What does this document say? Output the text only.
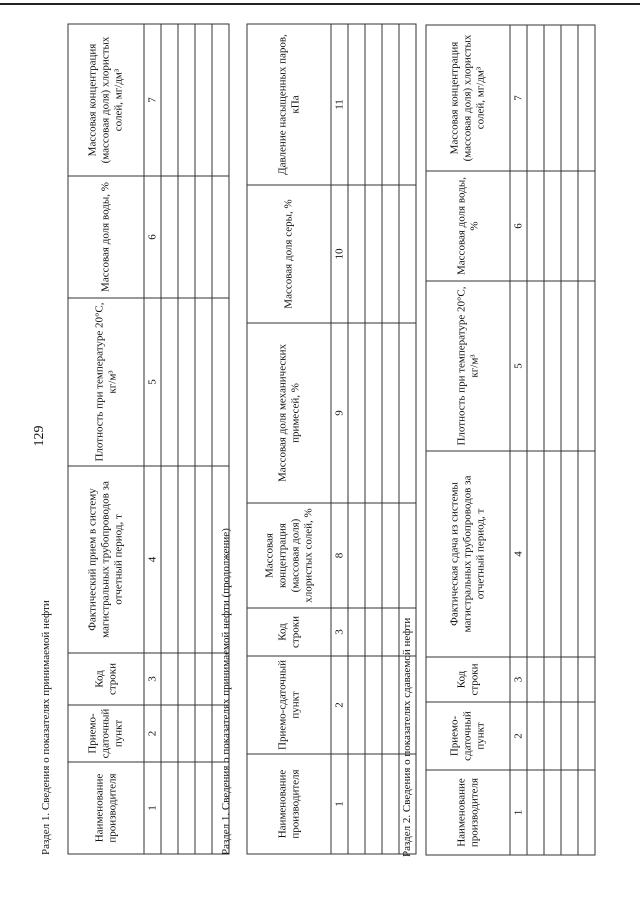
129
Раздел 1. Сведения о показателях принимаемой нефти	Раздел 1. Сведения о показателях принимаемой нефти (продолжение)	Раздел 2. Сведения о показателях сдаваемой нефти
Наименование производителя	Приемо-сдаточный пункт	Код строки	Фактический прием в систему магистральных трубопроводов за отчетный период, т	Плотность при температуре 20°С, кг/м³	Массовая доля воды, %	Массовая концентрация (массовая доля) хлористых солей, мг/дм³
1	2	3	4	5	6	7

Наименование производителя	Приемо-сдаточный пункт	Код строки	Массовая концентрация (массовая доля) хлористых солей, %	Массовая доля механических примесей, %	Массовая доля серы, %	Давление насыщенных паров, кПа
1	2	3	8	9	10	11

Наименование производителя	Приемо-сдаточный пункт	Код строки	Фактическая сдача из системы магистральных трубопроводов за отчетный период, т	Плотность при температуре 20°С, кг/м³	Массовая доля воды, %	Массовая концентрация (массовая доля) хлористых солей, мг/дм³
1	2	3	4	5	6	7
